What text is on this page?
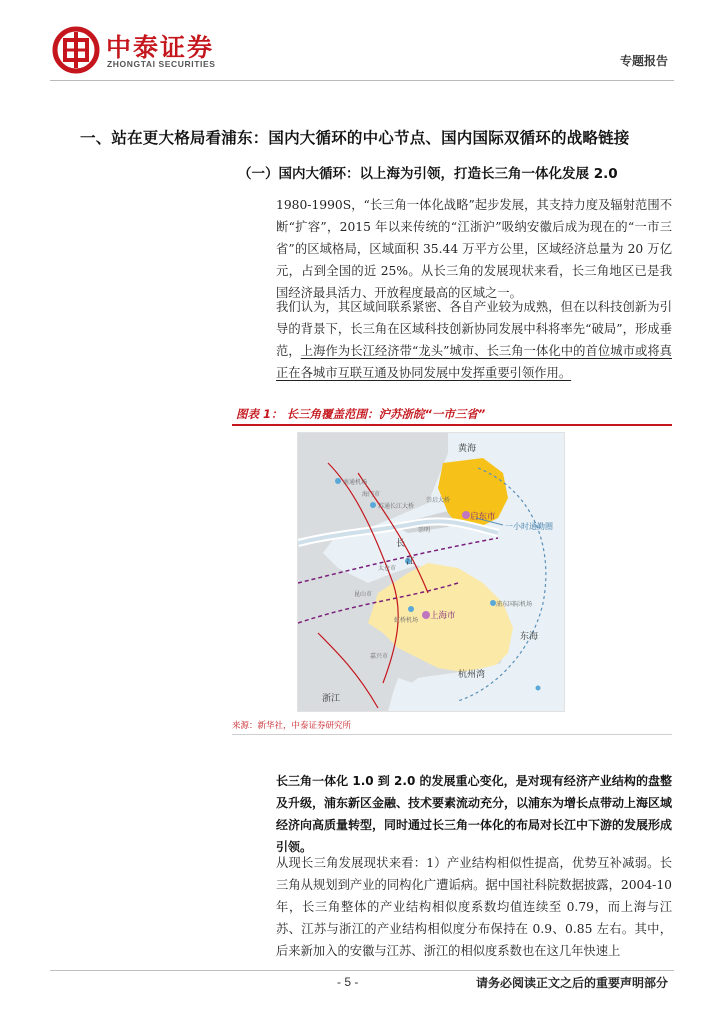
中泰证券
ZHONGTAI SECURITIES	专题报告
一、站在更大格局看浦东：国内大循环的中心节点、国内国际双循环的战略链接
（一）国内大循环：以上海为引领，打造长三角一体化发展 2.0
1980-1990S，“长三角一体化战略”起步发展，其支持力度及辐射范围不断“扩容”，2015 年以来传统的“江浙沪”吸纳安徽后成为现在的“一市三省”的区域格局，区域面积 35.44 万平方公里，区域经济总量为 20 万亿元，占到全国的近 25%。从长三角的发展现状来看，长三角地区已是我国经济最具活力、开放程度最高的区域之一。
我们认为，其区域间联系紧密、各自产业较为成熟，但在以科技创新为引导的背景下，长三角在区域科技创新协同发展中科将率先“破局”，形成垂范，上海作为长江经济带“龙头”城市、长三角一体化中的首位城市或将真正在各城市互联互通及协同发展中发挥重要引领作用。
图表 1： 长三角覆盖范围：沪苏浙皖“一市三省”
黄海
启东市
一小时通勤圈
上海市
东海
杭州湾
浙江
长
江
南通机场
海门市
苏通长江大桥
崇启大桥
崇明
太仓市
昆山市
浦东国际机场
虹桥机场
嘉兴市
来源：新华社，中泰证券研究所
长三角一体化 1.0 到 2.0 的发展重心变化，是对现有经济产业结构的盘整及升级，浦东新区金融、技术要素流动充分，以浦东为增长点带动上海区域经济向高质量转型，同时通过长三角一体化的布局对长江中下游的发展形成引领。
从现长三角发展现状来看：1）产业结构相似性提高，优势互补减弱。长三角从规划到产业的同构化广遭诟病。据中国社科院数据披露，2004-10 年，长三角整体的产业结构相似度系数均值连续至 0.79，而上海与江苏、江苏与浙江的产业结构相似度分布保持在 0.9、0.85 左右。其中，后来新加入的安徽与江苏、浙江的相似度系数也在这几年快速上
- 5 -	请务必阅读正文之后的重要声明部分
